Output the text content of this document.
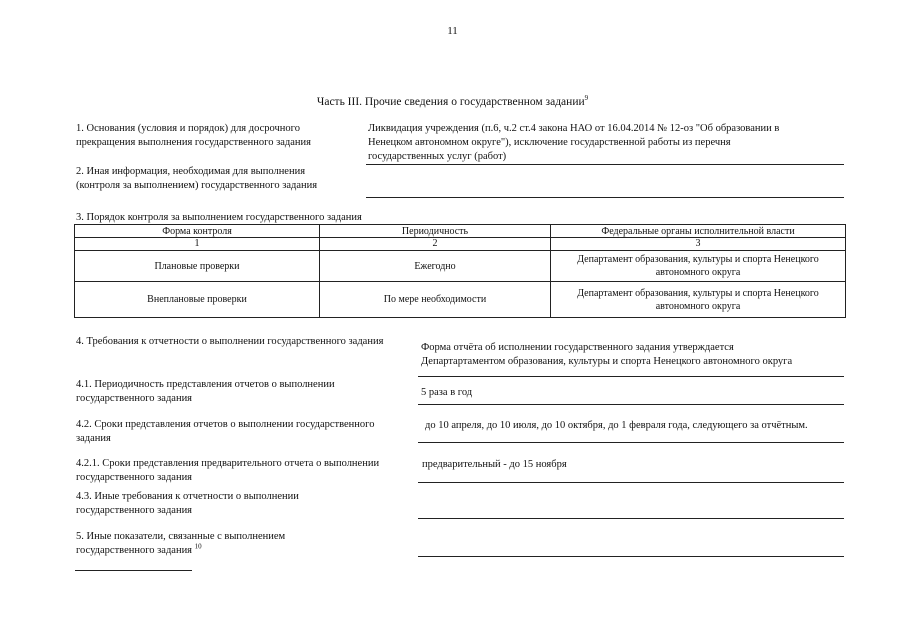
11
Часть III. Прочие сведения о государственном задании$^9$
1. Основания (условия и порядок) для досрочного
прекращения выполнения государственного задания
Ликвидация учреждения (п.6, ч.2 ст.4 закона НАО от 16.04.2014 № 12-оз "Об образовании в
Ненецком автономном округе"), исключение государственной работы из перечня
государственных услуг (работ)
2. Иная информация, необходимая для выполнения
(контроля за выполнением) государственного задания
3. Порядок контроля за выполнением государственного задания
Форма контроля	Периодичность	Федеральные органы исполнительной власти
1	2	3
Плановые проверки	Ежегодно	Департамент образования, культуры и спорта Ненецкого автономного округа
Внеплановые проверки	По мере необходимости	Департамент образования, культуры и спорта Ненецкого автономного округа
4. Требования к отчетности о выполнении государственного задания
Форма отчёта об исполнении государственного задания утверждается
Департартаментом образования, культуры и спорта Ненецкого автономного округа
4.1. Периодичность представления отчетов о выполнении
государственного задания
5 раза в год
4.2. Сроки представления отчетов о выполнении государственного
задания
до 10 апреля, до 10 июля, до 10 октября, до 1 февраля года, следующего за отчётным.
4.2.1. Сроки представления предварительного отчета о выполнении
государственного задания
предварительный - до 15 ноября
4.3. Иные требования к отчетности о выполнении
государственного задания
5. Иные показатели, связанные с выполнением
государственного задания $^{10}$
